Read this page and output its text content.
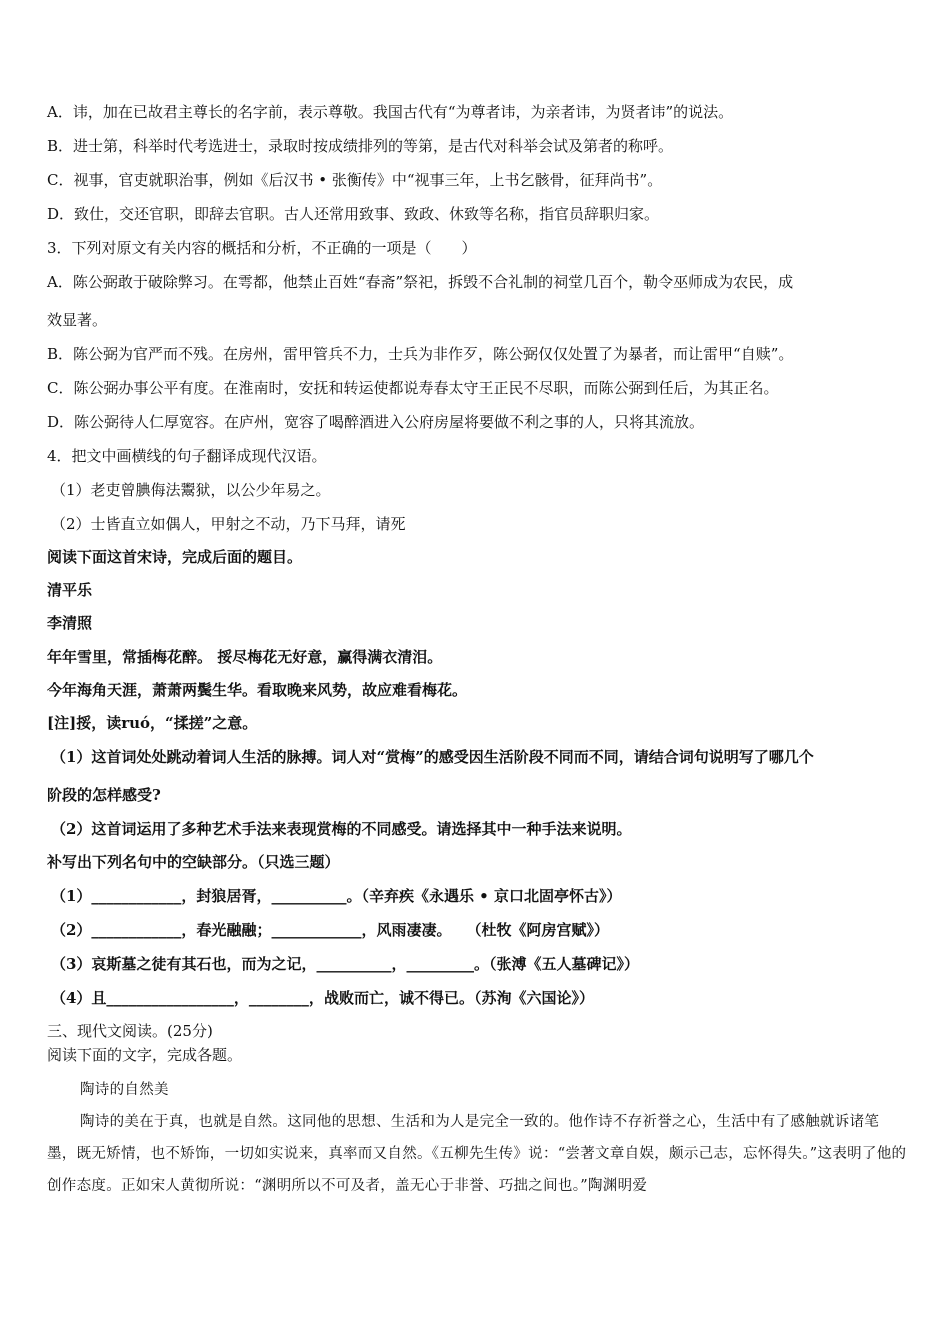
A．讳，加在已故君主尊长的名字前，表示尊敬。我国古代有“为尊者讳，为亲者讳，为贤者讳”的说法。
B．进士第，科举时代考选进士，录取时按成绩排列的等第，是古代对科举会试及第者的称呼。
C．视事，官吏就职治事，例如《后汉书 • 张衡传》中“视事三年，上书乞骸骨，征拜尚书”。
D．致仕，交还官职，即辞去官职。古人还常用致事、致政、休致等名称，指官员辞职归家。
3．下列对原文有关内容的概括和分析，不正确的一项是（　　）
A．陈公弼敢于破除弊习。在雩都，他禁止百姓“春斋”祭祀，拆毁不合礼制的祠堂几百个，勒令巫师成为农民，成
效显著。
B．陈公弼为官严而不残。在房州，雷甲管兵不力，士兵为非作歹，陈公弼仅仅处置了为暴者，而让雷甲“自赎”。
C．陈公弼办事公平有度。在淮南时，安抚和转运使都说寿春太守王正民不尽职，而陈公弼到任后，为其正名。
D．陈公弼待人仁厚宽容。在庐州，宽容了喝醉酒进入公府房屋将要做不利之事的人，只将其流放。
4．把文中画横线的句子翻译成现代汉语。
（1）老吏曾腆侮法鬻狱，以公少年易之。
（2）士皆直立如偶人，甲射之不动，乃下马拜，请死
阅读下面这首宋诗，完成后面的题目。
清平乐
李清照
年年雪里，常插梅花醉。 挼尽梅花无好意，赢得满衣清泪。
今年海角天涯，萧萧两鬓生华。看取晚来风势，故应难看梅花。
[注]挼，读ruó，“揉搓”之意。
（1）这首词处处跳动着词人生活的脉搏。词人对“赏梅”的感受因生活阶段不同而不同，请结合词句说明写了哪几个
阶段的怎样感受?
（2）这首词运用了多种艺术手法来表现赏梅的不同感受。请选择其中一种手法来说明。
补写出下列名句中的空缺部分。（只选三题）
（1）____________，封狼居胥，__________。（辛弃疾《永遇乐 • 京口北固亭怀古》）
（2）____________，春光融融；____________，风雨凄凄。　　（杜牧《阿房宫赋》）
（3）哀斯墓之徒有其石也，而为之记，__________，_________。（张溥《五人墓碑记》）
（4）且_________________，________，战败而亡，诚不得已。（苏洵《六国论》）
三、现代文阅读。(25分)
阅读下面的文字，完成各题。
陶诗的自然美
陶诗的美在于真，也就是自然。这同他的思想、生活和为人是完全一致的。他作诗不存祈誉之心，生活中有了感触就诉诸笔墨，既无矫情，也不矫饰，一切如实说来，真率而又自然。《五柳先生传》说：“尝著文章自娱，颇示己志，忘怀得失。”这表明了他的创作态度。正如宋人黄彻所说：“渊明所以不可及者，盖无心于非誉、巧拙之间也。”陶渊明爱
